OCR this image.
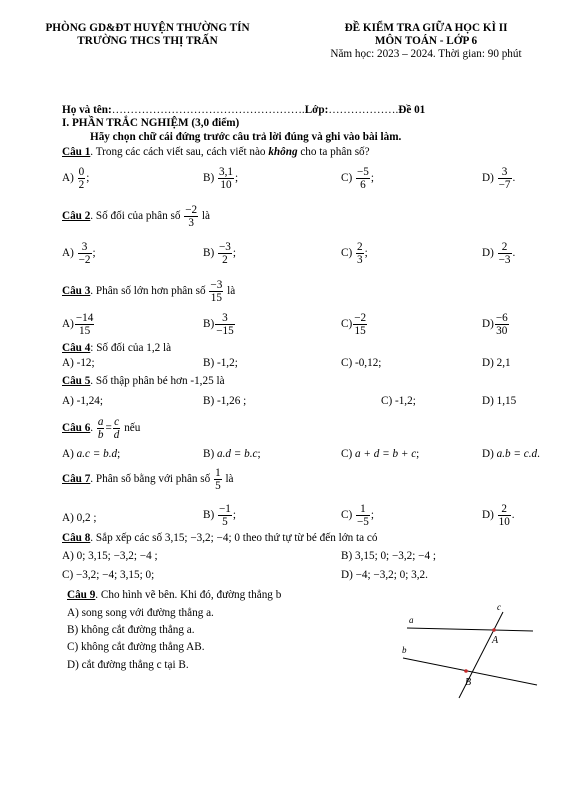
PHÒNG GD&ĐT HUYỆN THƯỜNG TÍN
TRƯỜNG THCS THỊ TRẤN
ĐỀ KIỂM TRA GIỮA HỌC KÌ II
MÔN TOÁN - LỚP 6
Năm học: 2023 – 2024. Thời gian: 90 phút
Họ và tên:…………………………………………….Lớp:……………….Đề 01
I. PHẦN TRẮC NGHIỆM (3,0 điểm)
Hãy chọn chữ cái đứng trước câu trả lời đúng và ghi vào bài làm.
Câu 1. Trong các cách viết sau, cách viết nào không cho ta phân số?
$A) \frac{0}{2}$ ;	$B) \frac{3,1}{10}$ ;	$C) \frac{-5}{6}$ ;	$D) \frac{3}{-7}$ .
Câu 2. Số đối của phân số $\frac{-2}{3}$ là
$A) \frac{3}{-2}$ ;	$B) \frac{-3}{2}$ ;	$C) \frac{2}{3}$ ;	$D) \frac{2}{-3}$ .
Câu 3. Phân số lớn hơn phân số $\frac{-3}{15}$ là
$A) \frac{-14}{15}$	$B) \frac{3}{-15}$	$C) \frac{-2}{15}$	$D) \frac{-6}{30}$
Câu 4: Số đối của 1,2 là
A) -12;	B) -1,2;	C) -0,12;	D) 2,1
Câu 5. Số thập phân bé hơn -1,25 là
A) -1,24;	B) -1,26 ;	C) -1,2;	D) 1,15
Câu 6. $\frac{a}{b} = \frac{c}{d}$ nếu
A) a.c = b.d;	B) a.d = b.c;	C) a + d = b + c;	D) a.b = c.d.
Câu 7. Phân số bằng với phân số $\frac{1}{5}$ là
A) 0,2 ;	$B) \frac{-1}{5}$ ;	$C) \frac{1}{-5}$ ;	$D) \frac{2}{10}$ .
Câu 8. Sắp xếp các số 3,15; −3,2; −4; 0 theo thứ tự từ bé đến lớn ta có
A) 0; 3,15; −3,2; −4 ;	B) 3,15; 0; −3,2; −4 ;
C) −3,2; −4; 3,15; 0;	D) −4; −3,2; 0; 3,2.
Câu 9. Cho hình vẽ bên. Khi đó, đường thẳng b
A) song song với đường thẳng a.
B) không cắt đường thẳng a.
C) không cắt đường thẳng AB.
D) cắt đường thẳng c tại B.
a
b
c
A
B
